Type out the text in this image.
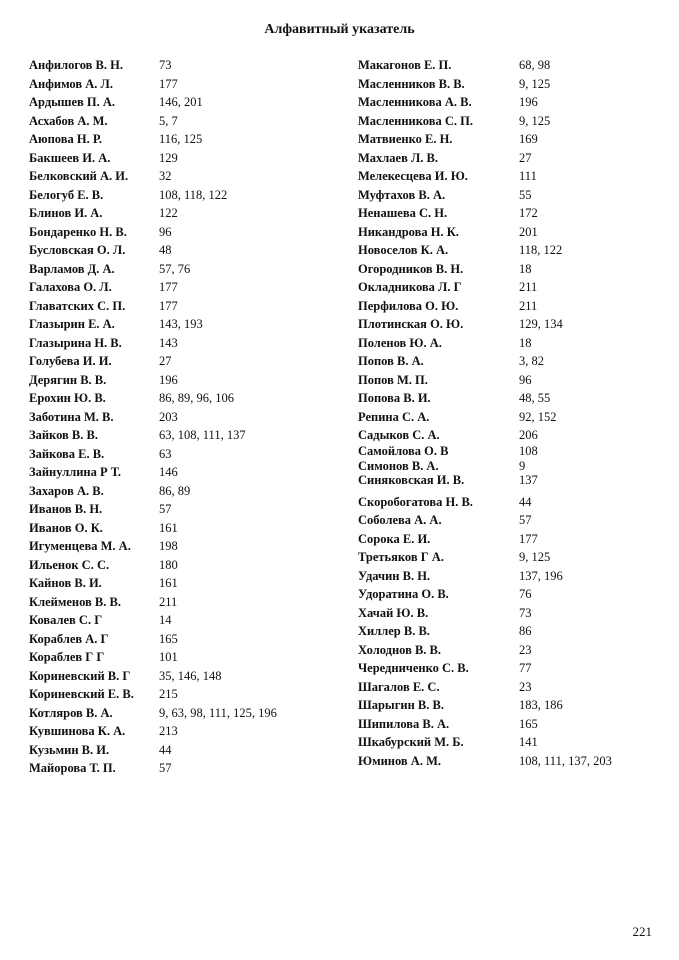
Алфавитный указатель
Анфилогов В. Н.	73
Анфимов А. Л.	177
Ардышев П. А.	146, 201
Асхабов А. М.	5, 7
Аюпова Н. Р.	116, 125
Бакшеев И. А.	129
Белковский А. И. 32
Белогуб Е. В.	108, 118, 122
Блинов И. А.	122
Бондаренко Н. В.	96
Бусловская О. Л.	48
Варламов Д. А.	57, 76
Галахова О. Л.	177
Главатских С. П.	177
Глазырин Е. А.	143, 193
Глазырина Н. В.	143
Голубева И. И.	27
Дерягин В. В.	196
Ерохин Ю. В.	86, 89, 96, 106
Заботина М. В.	203
Зайков В. В.	63, 108, 111, 137
Зайкова Е. В.	63
Зайнуллина Р Т.	146
Захаров А. В.	86, 89
Иванов В. Н.	57
Иванов О. К.	161
Игуменцева М. А. 198
Ильенок С. С.	180
Кайнов В. И.	161
Клейменов В. В.	211
Ковалев С. Г	14
Кораблев А. Г	165
Кораблев Г Г	101
Кориневский В. Г 35, 146, 148
Кориневский Е. В. 215
Котляров В. А.	9, 63, 98, 111, 125, 196
Кувшинова К. А.	213
Кузьмин В. И.	44
Майорова Т. П.	57
Макагонов Е. П.	68, 98
Масленников В. В.	9, 125
Масленникова А. В.	196
Масленникова С. П.	9, 125
Матвиенко Е. Н.	169
Махлаев Л. В.	27
Мелекесцева И. Ю.	111
Муфтахов В. А.	55
Ненашева С. Н.	172
Никандрова Н. К.	201
Новоселов К. А.	118, 122
Огородников В. Н.	18
Окладникова Л. Г	211
Перфилова О. Ю.	211
Плотинская О. Ю.	129, 134
Поленов Ю. А.	18
Попов В. А.	3, 82
Попов М. П.	96
Попова В. И.	48, 55
Репина С. А.	92, 152
Садыков С. А.	206
Самойлова О. В	108
Симонов В. А.	9
Синяковская И. В.	137
Скоробогатова Н. В.	44
Соболева А. А.	57
Сорока Е. И.	177
Третьяков Г А.	9, 125
Удачин В. Н.	137, 196
Удоратина О. В.	76
Хачай Ю. В.	73
Хиллер В. В.	86
Холоднов В. В.	23
Чередниченко С. В.	77
Шагалов Е. С.	23
Шарыгин В. В.	183, 186
Шипилова В. А.	165
Шкабурский М. Б.	141
Юминов А. М.	108, 111, 137, 203
221
